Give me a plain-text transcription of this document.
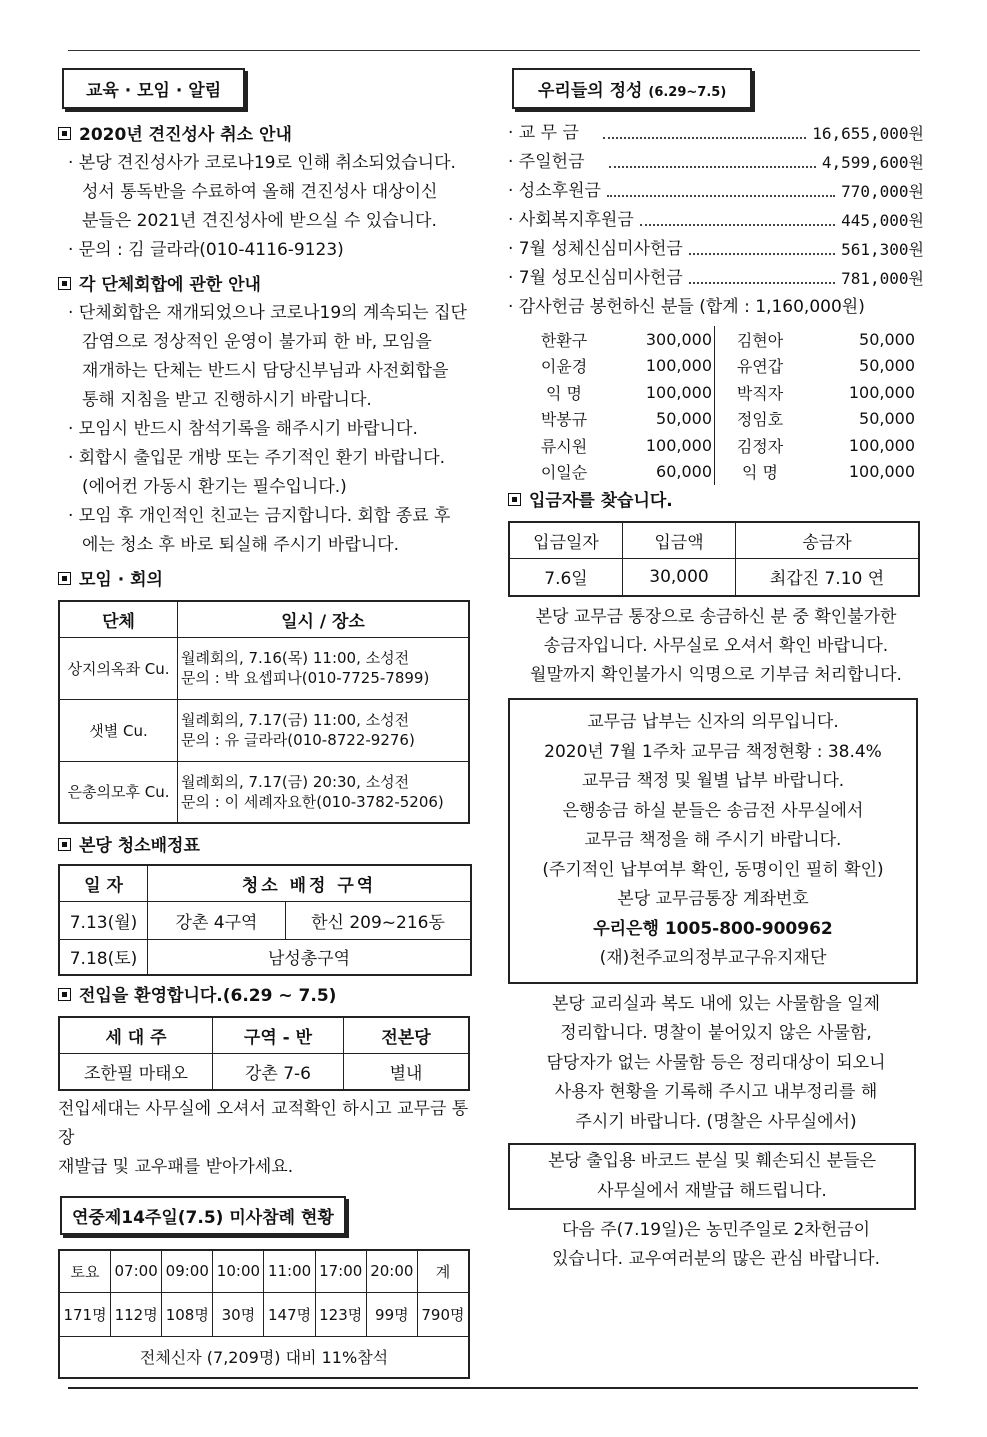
교육 · 모임 · 알림
2020년 견진성사 취소 안내
· 본당 견진성사가 코로나19로 인해 취소되었습니다.
성서 통독반을 수료하여 올해 견진성사 대상이신
분들은 2021년 견진성사에 받으실 수 있습니다.
· 문의 : 김 글라라(010-4116-9123)
각 단체회합에 관한 안내
· 단체회합은 재개되었으나 코로나19의 계속되는 집단
감염으로 정상적인 운영이 불가피 한 바, 모임을
재개하는 단체는 반드시 담당신부님과 사전회합을
통해 지침을 받고 진행하시기 바랍니다.
· 모임시 반드시 참석기록을 해주시기 바랍니다.
· 회합시 출입문 개방 또는 주기적인 환기 바랍니다.
(에어컨 가동시 환기는 필수입니다.)
· 모임 후 개인적인 친교는 금지합니다. 회합 종료 후
에는 청소 후 바로 퇴실해 주시기 바랍니다.
모임 · 회의
단체	일시 / 장소
상지의옥좌 Cu.	월례회의, 7.16(목) 11:00, 소성전
문의 : 박 요셉피나(010-7725-7899)

샛별 Cu.	월례회의, 7.17(금) 11:00, 소성전
문의 : 유 글라라(010-8722-9276)

은총의모후 Cu.	월례회의, 7.17(금) 20:30, 소성전
문의 : 이 세례자요한(010-3782-5206)
본당 청소배정표
일 자	청소 배정 구역	
7.13(월)	강촌 4구역	한신 209~216동
7.18(토)	남성총구역	
전입을 환영합니다.(6.29 ~ 7.5)
세 대 주	구역 - 반	전본당
조한필 마태오	강촌 7-6	별내
전입세대는 사무실에 오셔서 교적확인 하시고 교무금 통장
재발급 및 교우패를 받아가세요.
연중제14주일(7.5) 미사참례 현황
토요	07:00	09:00	10:00	11:00	17:00	20:00	계
171명	112명	108명	30명	147명	123명	99명	790명
전체신자 (7,209명) 대비 11%참석							
우리들의 정성 (6.29~7.5)
· 교 무 금	16,655,000원
· 주일헌금	4,599,600원
· 성소후원금	770,000원
· 사회복지후원금	445,000원
· 7월 성체신심미사헌금	561,300원
· 7월 성모신심미사헌금	781,000원
· 감사헌금 봉헌하신 분들 (합계 : 1,160,000원)
한환구	300,000	김현아	50,000
이윤경	100,000	유연갑	50,000
익 명	100,000	박직자	100,000
박봉규	50,000	정임호	50,000
류시원	100,000	김정자	100,000
이일순	60,000	익 명	100,000
입금자를 찾습니다.
입금일자	입금액	송금자
7.6일	30,000	최갑진 7.10 연
본당 교무금 통장으로 송금하신 분 중 확인불가한
송금자입니다. 사무실로 오셔서 확인 바랍니다.
월말까지 확인불가시 익명으로 기부금 처리합니다.
교무금 납부는 신자의 의무입니다.
2020년 7월 1주차 교무금 책정현황 : 38.4%
교무금 책정 및 월별 납부 바랍니다.
은행송금 하실 분들은 송금전 사무실에서
교무금 책정을 해 주시기 바랍니다.
(주기적인 납부여부 확인, 동명이인 필히 확인)
본당 교무금통장 계좌번호
우리은행 1005-800-900962
(재)천주교의정부교구유지재단
본당 교리실과 복도 내에 있는 사물함을 일제
정리합니다. 명찰이 붙어있지 않은 사물함,
담당자가 없는 사물함 등은 정리대상이 되오니
사용자 현황을 기록해 주시고 내부정리를 해
주시기 바랍니다. (명찰은 사무실에서)
본당 출입용 바코드 분실 및 훼손되신 분들은
사무실에서 재발급 해드립니다.
다음 주(7.19일)은 농민주일로 2차헌금이
있습니다. 교우여러분의 많은 관심 바랍니다.
